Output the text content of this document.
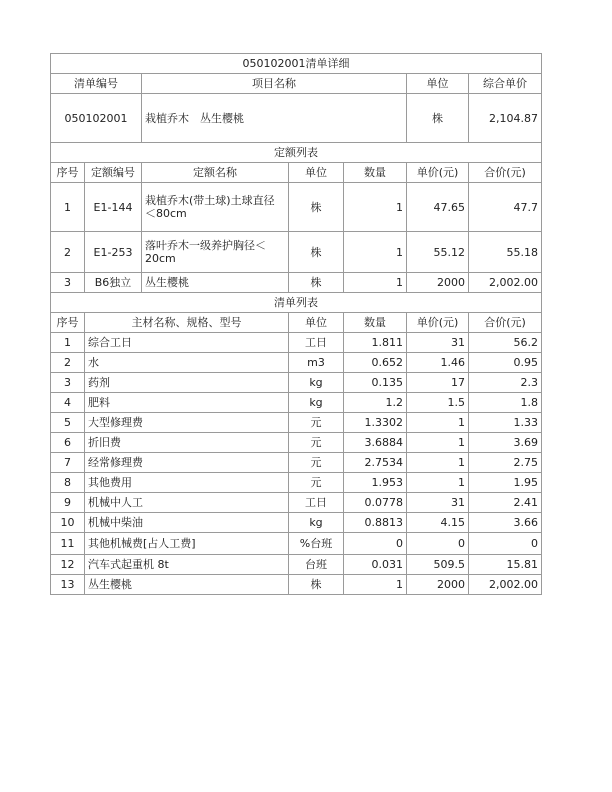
050102001清单详细						
清单编号		项目名称			单位	综合单价
050102001		栽植乔木　丛生樱桃			株	2,104.87
定额列表						
序号	定额编号	定额名称	单位	数量	单价(元)	合价(元)
1	E1-144	栽植乔木(带土球)土球直径＜80cm	株	1	47.65	47.7
2	E1-253	落叶乔木一级养护胸径＜20cm	株	1	55.12	55.18
3	B6独立	丛生樱桃	株	1	2000	2,002.00
清单列表						
序号	主材名称、规格、型号		单位	数量	单价(元)	合价(元)
1	综合工日		工日	1.811	31	56.2
2	水		m3	0.652	1.46	0.95
3	药剂		kg	0.135	17	2.3
4	肥料		kg	1.2	1.5	1.8
5	大型修理费		元	1.3302	1	1.33
6	折旧费		元	3.6884	1	3.69
7	经常修理费		元	2.7534	1	2.75
8	其他费用		元	1.953	1	1.95
9	机械中人工		工日	0.0778	31	2.41
10	机械中柴油		kg	0.8813	4.15	3.66
11	其他机械费[占人工费]		%台班	0	0	0
12	汽车式起重机 8t		台班	0.031	509.5	15.81
13	丛生樱桃		株	1	2000	2,002.00
